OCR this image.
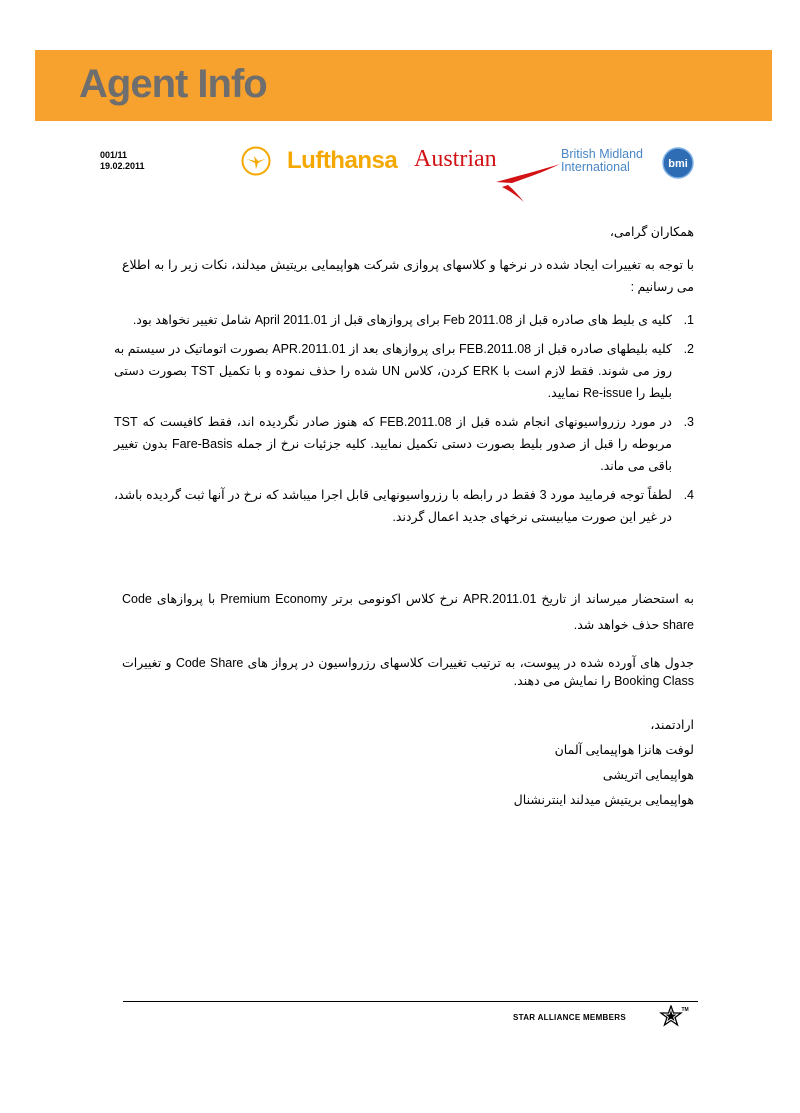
Agent Info
001/11
19.02.2011	Lufthansa Austrian	British Midland
International	bmi
همکاران گرامی،
با توجه به تغییرات ایجاد شده در نرخها و کلاسهای پروازی شرکت هواپیمایی بریتیش میدلند، نکات زیر را به اطلاع می رسانیم :
1.
کلیه ی بلیط های صادره قبل از 08.Feb 2011 برای پروازهای قبل از 01.April 2011 شامل تغییر نخواهد بود.
2.
کلیه بلیطهای صادره قبل از 08.FEB.2011 برای پروازهای بعد از 01.APR.2011 بصورت اتوماتیک در سیستم به روز می شوند. فقط لازم است با ERK کردن، کلاس UN شده را حذف نموده و با تکمیل TST بصورت دستی بلیط را Re-issue نمایید.
3.
در مورد رزرواسیونهای انجام شده قبل از 08.FEB.2011 که هنوز صادر نگردیده اند، فقط کافیست که TST مربوطه را قبل از صدور بلیط بصورت دستی تکمیل نمایید. کلیه جزئیات نرخ از جمله Fare-Basis بدون تغییر باقی می ماند.
4.
لطفاً توجه فرمایید مورد 3 فقط در رابطه با رزرواسیونهایی قابل اجرا میباشد که نرخ در آنها ثبت گردیده باشد، در غیر این صورت میابیستی نرخهای جدید اعمال گردند.
به استحضار میرساند از تاریخ 01.APR.2011 نرخ کلاس اکونومی برتر Premium Economy با پروازهای Code share حذف خواهد شد.
جدول های آورده شده در پیوست، به ترتیب تغییرات کلاسهای رزرواسیون در پرواز های Code Share و تغییرات Booking Class را نمایش می دهند.
ارادتمند،
لوفت هانزا هواپیمایی آلمان
هواپیمایی اتریشی
هواپیمایی بریتیش میدلند اینترنشنال
STAR ALLIANCE MEMBERS
TM
